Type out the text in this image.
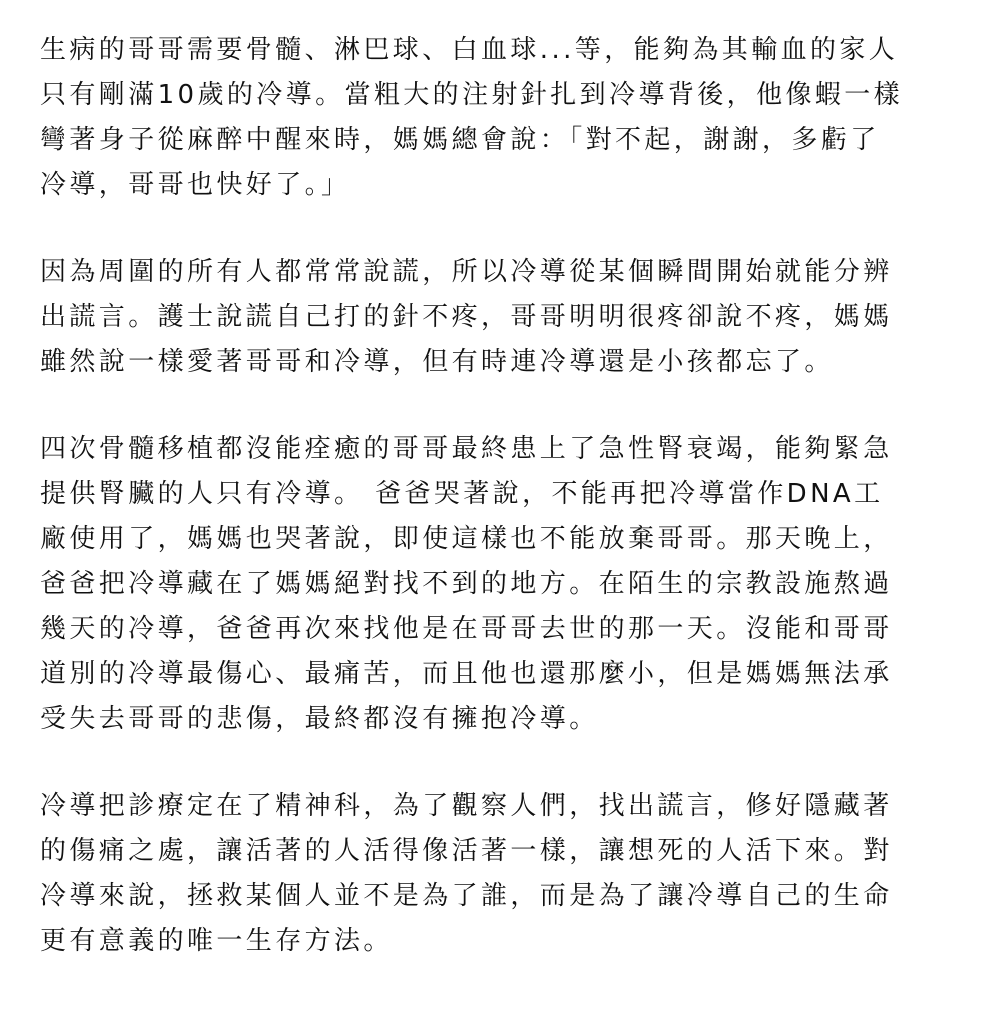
生病的哥哥需要骨髓、淋巴球、白血球...等，能夠為其輸血的家人
只有剛滿10歲的冷導。當粗大的注射針扎到冷導背後，他像蝦一樣
彎著身子從麻醉中醒來時，媽媽總會說：「對不起，謝謝，多虧了
冷導，哥哥也快好了。」

因為周圍的所有人都常常說謊，所以冷導從某個瞬間開始就能分辨
出謊言。護士說謊自己打的針不疼，哥哥明明很疼卻說不疼，媽媽
雖然說一樣愛著哥哥和冷導，但有時連冷導還是小孩都忘了。

四次骨髓移植都沒能痊癒的哥哥最終患上了急性腎衰竭，能夠緊急
提供腎臟的人只有冷導。 爸爸哭著說，不能再把冷導當作DNA工
廠使用了，媽媽也哭著說，即使這樣也不能放棄哥哥。那天晚上，
爸爸把冷導藏在了媽媽絕對找不到的地方。在陌生的宗教設施熬過
幾天的冷導，爸爸再次來找他是在哥哥去世的那一天。沒能和哥哥
道別的冷導最傷心、最痛苦，而且他也還那麼小，但是媽媽無法承
受失去哥哥的悲傷，最終都沒有擁抱冷導。

冷導把診療定在了精神科，為了觀察人們，找出謊言，修好隱藏著
的傷痛之處，讓活著的人活得像活著一樣，讓想死的人活下來。對
冷導來說，拯救某個人並不是為了誰，而是為了讓冷導自己的生命
更有意義的唯一生存方法。
